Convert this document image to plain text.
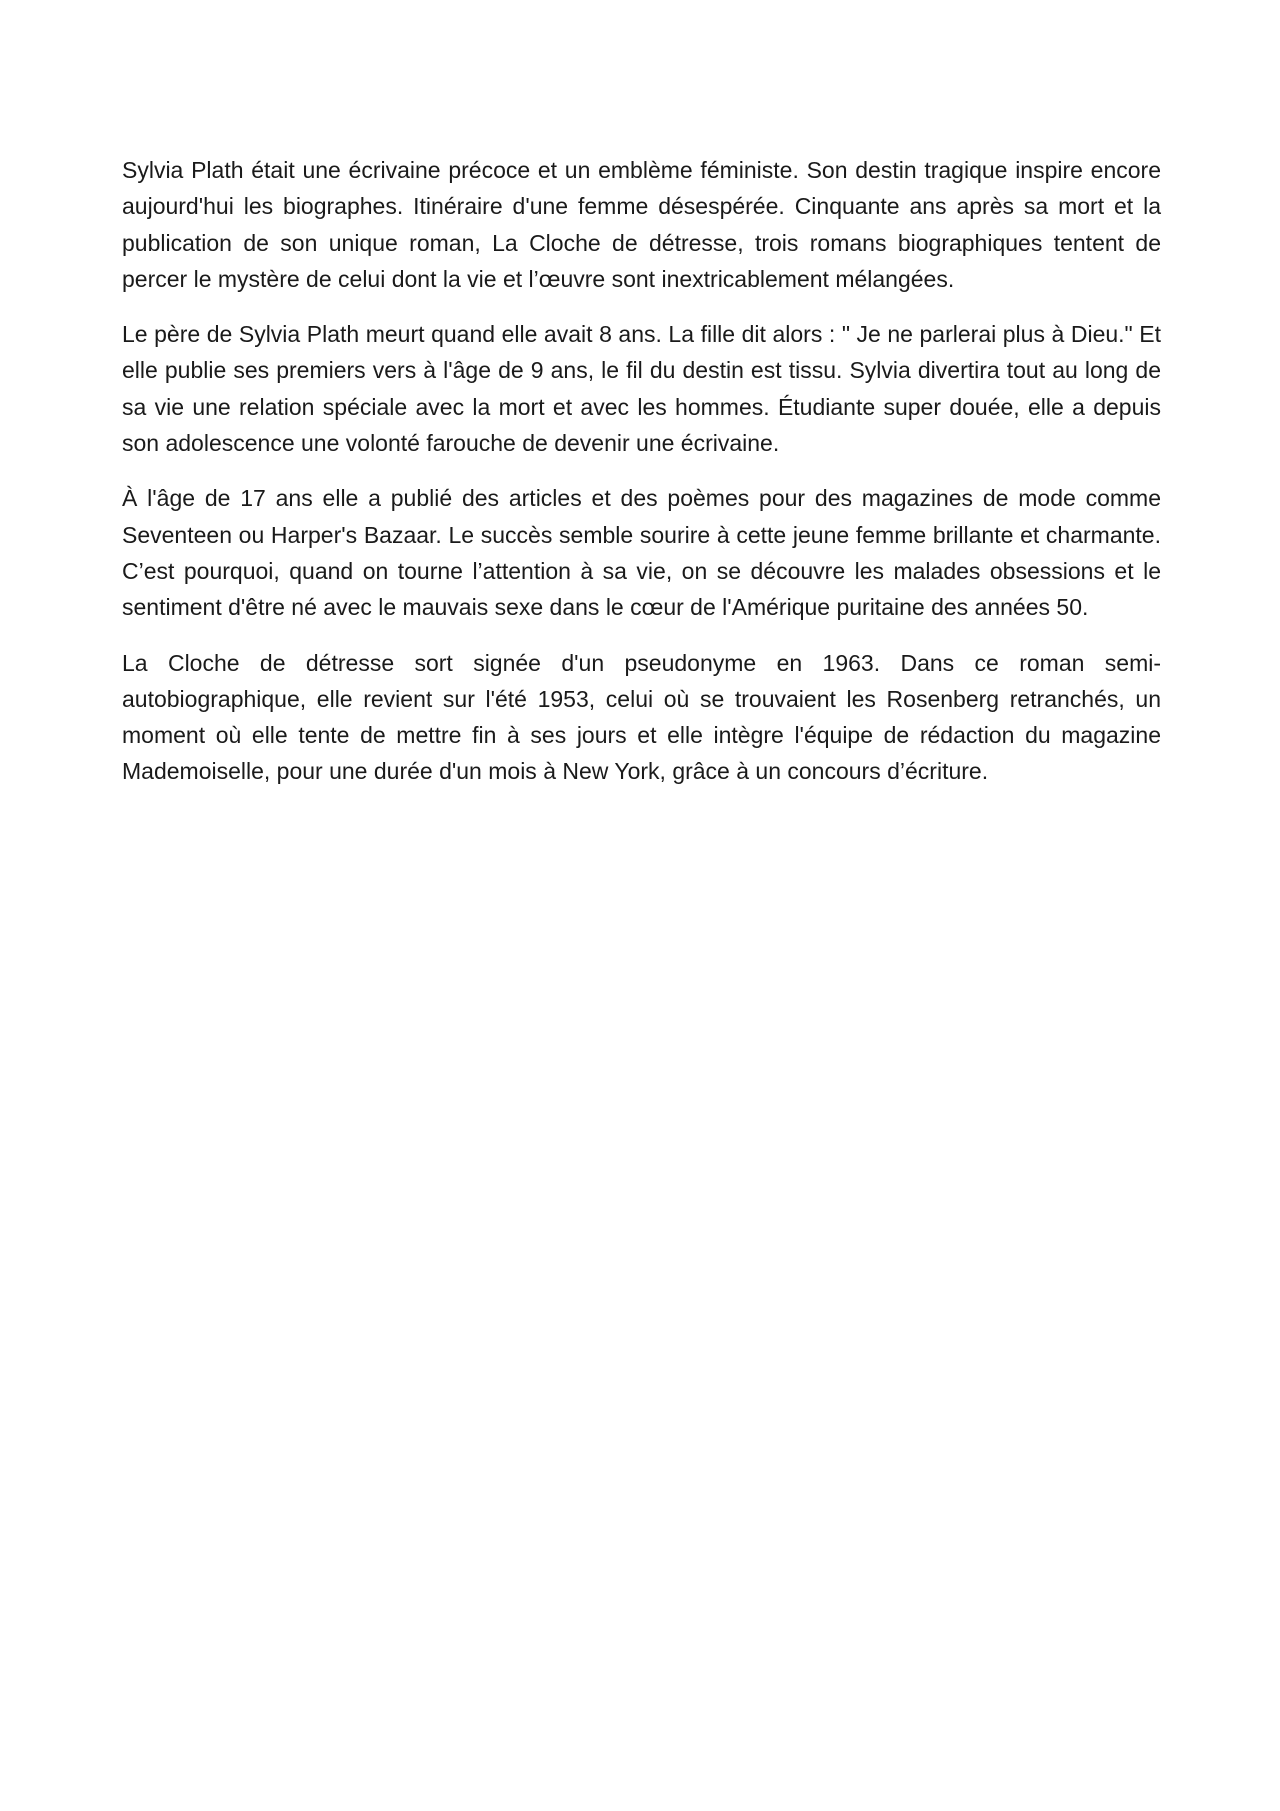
Sylvia Plath était une écrivaine précoce et un emblème féministe. Son destin tragique inspire encore aujourd'hui les biographes. Itinéraire d'une femme désespérée. Cinquante ans après sa mort et la publication de son unique roman, La Cloche de détresse, trois romans biographiques tentent de percer le mystère de celui dont la vie et l’œuvre sont inextricablement mélangées.

Le père de Sylvia Plath meurt quand elle avait 8 ans. La fille dit alors : " Je ne parlerai plus à Dieu." Et elle publie ses premiers vers à l'âge de 9 ans, le fil du destin est tissu. Sylvia divertira tout au long de sa vie une relation spéciale avec la mort et avec les hommes. Étudiante super douée, elle a depuis son adolescence une volonté farouche de devenir une écrivaine.

À l'âge de 17 ans elle a publié des articles et des poèmes pour des magazines de mode comme Seventeen ou Harper's Bazaar. Le succès semble sourire à cette jeune femme brillante et charmante. C’est pourquoi, quand on tourne l’attention à sa vie, on se découvre les malades obsessions et le sentiment d'être né avec le mauvais sexe dans le cœur de l'Amérique puritaine des années 50.

La Cloche de détresse sort signée d'un pseudonyme en 1963. Dans ce roman semi-autobiographique, elle revient sur l'été 1953, celui où se trouvaient les Rosenberg retranchés, un moment où elle tente de mettre fin à ses jours et elle intègre l'équipe de rédaction du magazine Mademoiselle, pour une durée d'un mois à New York, grâce à un concours d’écriture.
